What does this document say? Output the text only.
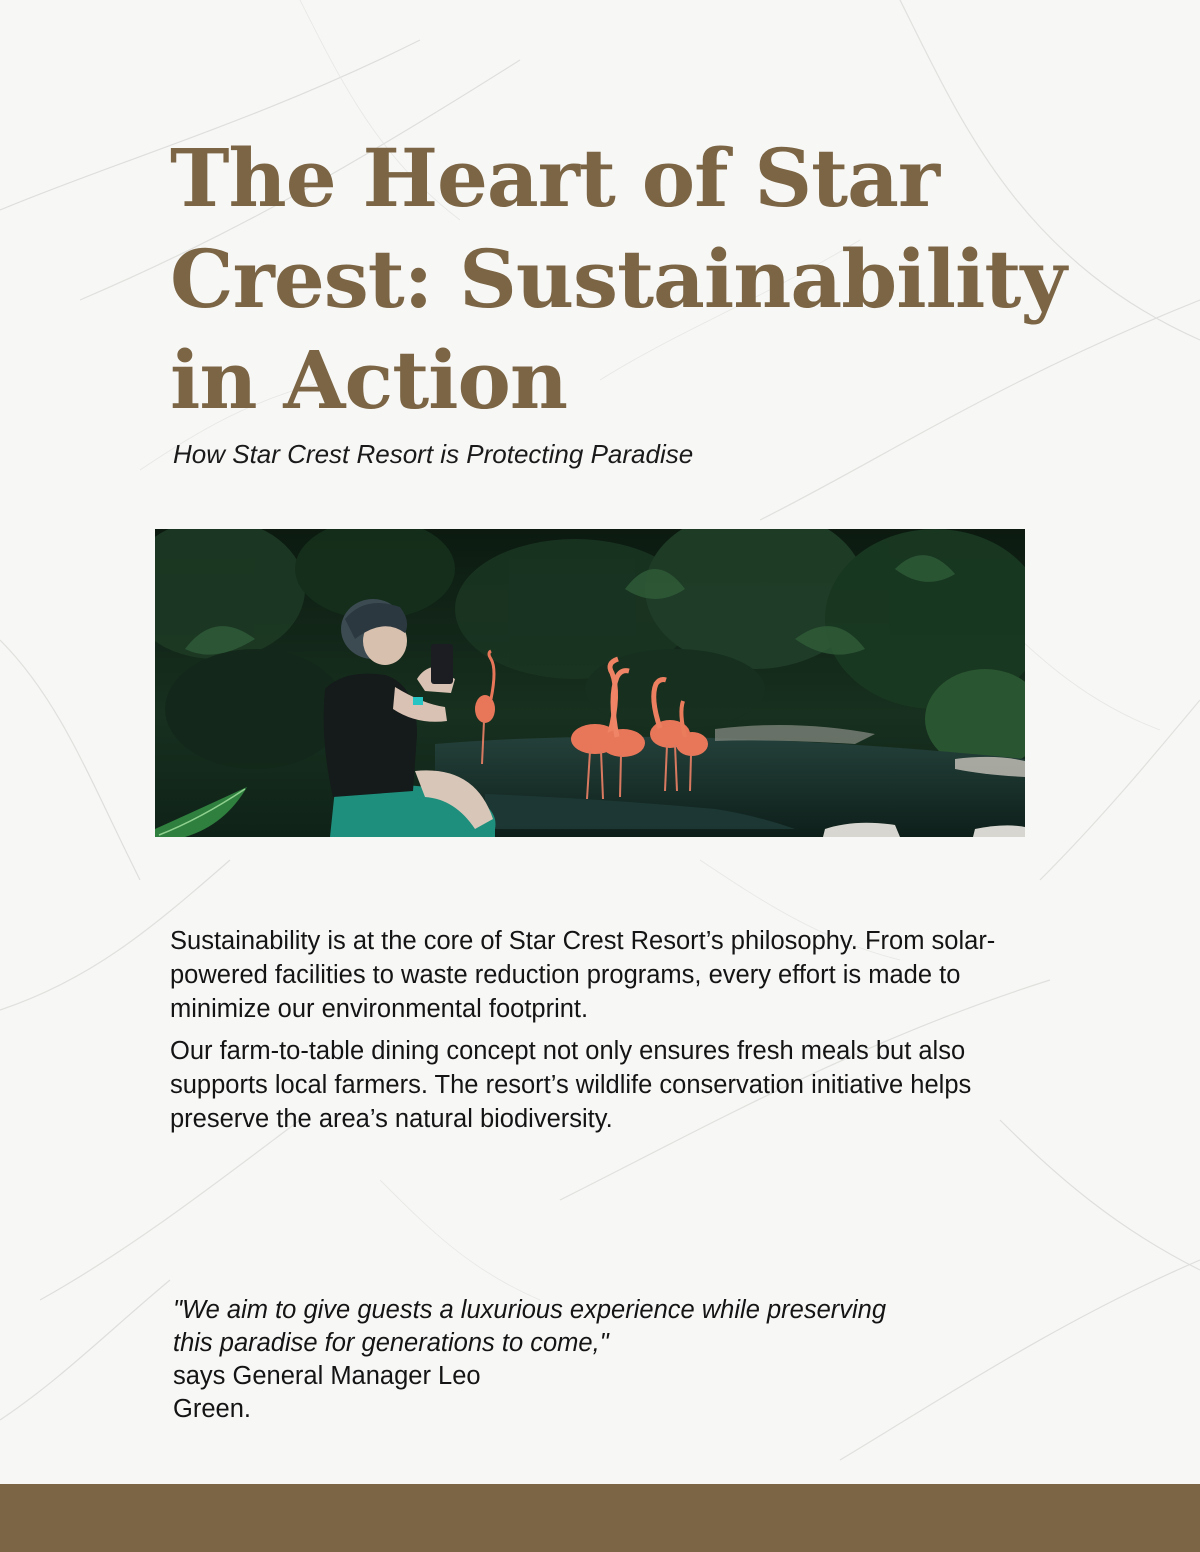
The Heart of Star
Crest: Sustainability
in Action

How Star Crest Resort is Protecting Paradise

Sustainability is at the core of Star Crest Resort’s philosophy. From solar-powered facilities to waste reduction programs, every effort is made to minimize our environmental footprint.

Our farm-to-table dining concept not only ensures fresh meals but also supports local farmers. The resort’s wildlife conservation initiative helps preserve the area’s natural biodiversity.

"We aim to give guests a luxurious experience while preserving
this paradise for generations to come,"
says General Manager Leo
Green.
